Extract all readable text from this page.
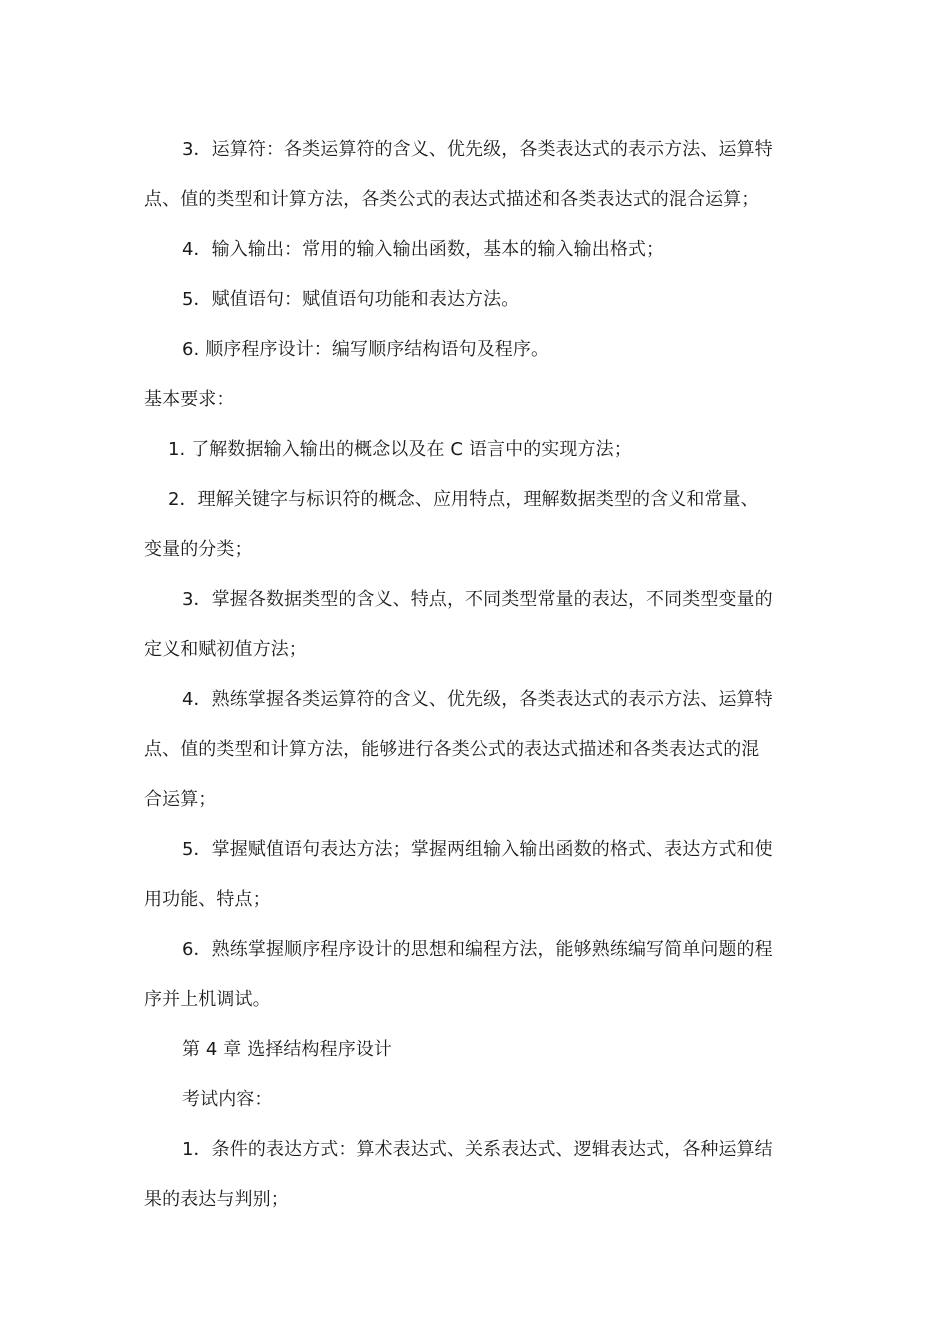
3．运算符：各类运算符的含义、优先级，各类表达式的表示方法、运算特
点、值的类型和计算方法，各类公式的表达式描述和各类表达式的混合运算；
4．输入输出：常用的输入输出函数，基本的输入输出格式；
5．赋值语句：赋值语句功能和表达方法。
6. 顺序程序设计：编写顺序结构语句及程序。
基本要求：
1. 了解数据输入输出的概念以及在 C 语言中的实现方法；
2．理解关键字与标识符的概念、应用特点，理解数据类型的含义和常量、
变量的分类；
3．掌握各数据类型的含义、特点，不同类型常量的表达，不同类型变量的
定义和赋初值方法；
4．熟练掌握各类运算符的含义、优先级，各类表达式的表示方法、运算特
点、值的类型和计算方法，能够进行各类公式的表达式描述和各类表达式的混
合运算；
5．掌握赋值语句表达方法；掌握两组输入输出函数的格式、表达方式和使
用功能、特点；
6．熟练掌握顺序程序设计的思想和编程方法，能够熟练编写简单问题的程
序并上机调试。
第 4 章 选择结构程序设计
考试内容：
1．条件的表达方式：算术表达式、关系表达式、逻辑表达式，各种运算结
果的表达与判别；
